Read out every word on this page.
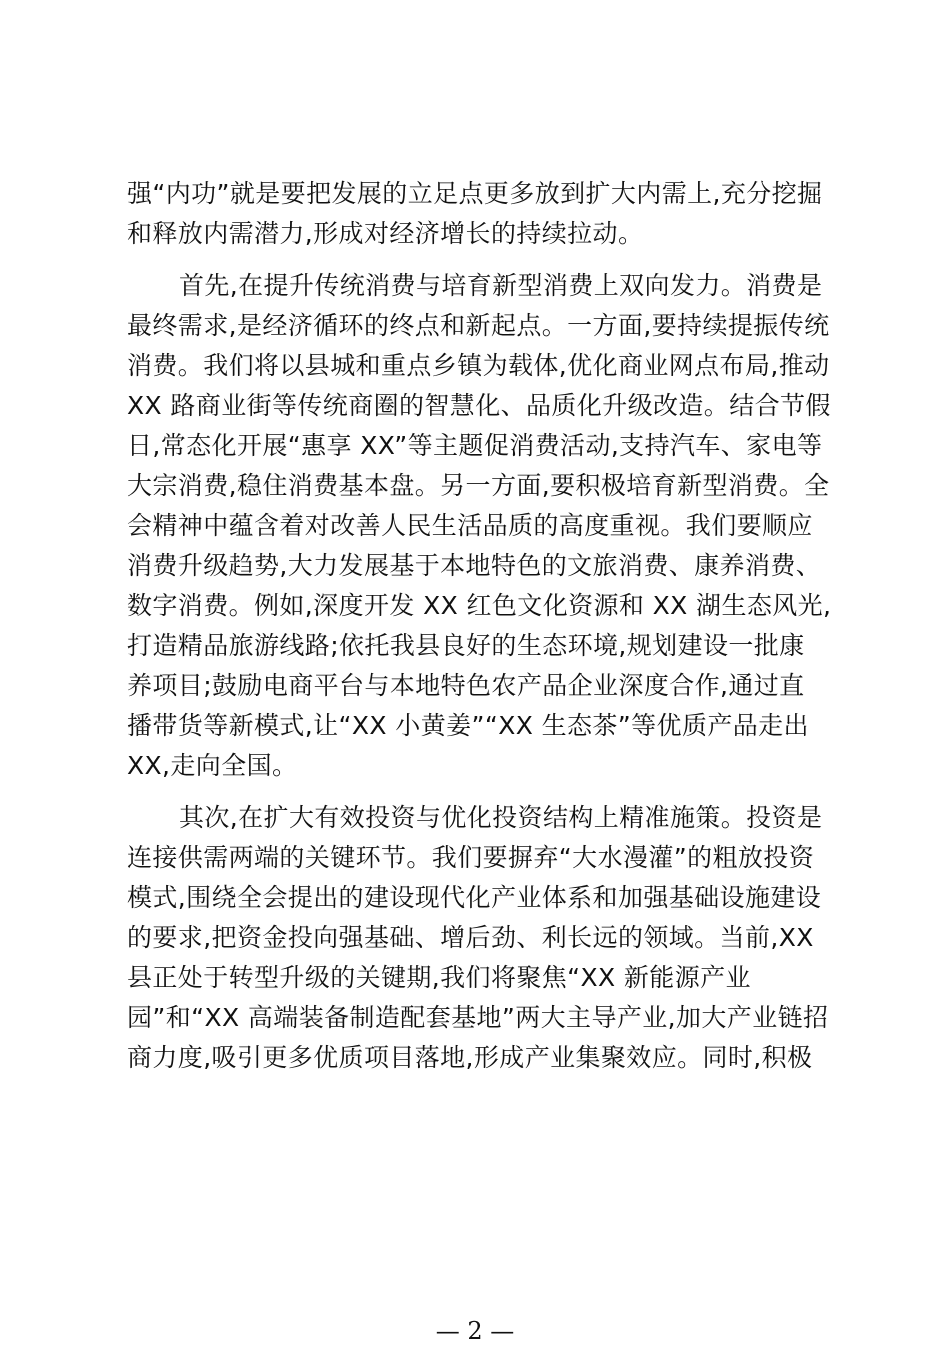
强“内功”就是要把发展的立足点更多放到扩大内需上,充分挖掘
和释放内需潜力,形成对经济增长的持续拉动。
首先,在提升传统消费与培育新型消费上双向发力。消费是
最终需求,是经济循环的终点和新起点。一方面,要持续提振传统
消费。我们将以县城和重点乡镇为载体,优化商业网点布局,推动
XX 路商业街等传统商圈的智慧化、品质化升级改造。结合节假
日,常态化开展“惠享 XX”等主题促消费活动,支持汽车、家电等
大宗消费,稳住消费基本盘。另一方面,要积极培育新型消费。全
会精神中蕴含着对改善人民生活品质的高度重视。我们要顺应
消费升级趋势,大力发展基于本地特色的文旅消费、康养消费、
数字消费。例如,深度开发 XX 红色文化资源和 XX 湖生态风光,
打造精品旅游线路;依托我县良好的生态环境,规划建设一批康
养项目;鼓励电商平台与本地特色农产品企业深度合作,通过直
播带货等新模式,让“XX 小黄姜”“XX 生态茶”等优质产品走出
XX,走向全国。
其次,在扩大有效投资与优化投资结构上精准施策。投资是
连接供需两端的关键环节。我们要摒弃“大水漫灌”的粗放投资
模式,围绕全会提出的建设现代化产业体系和加强基础设施建设
的要求,把资金投向强基础、增后劲、利长远的领域。当前,XX
县正处于转型升级的关键期,我们将聚焦“XX 新能源产业
园”和“XX 高端装备制造配套基地”两大主导产业,加大产业链招
商力度,吸引更多优质项目落地,形成产业集聚效应。同时,积极
— 2 —
